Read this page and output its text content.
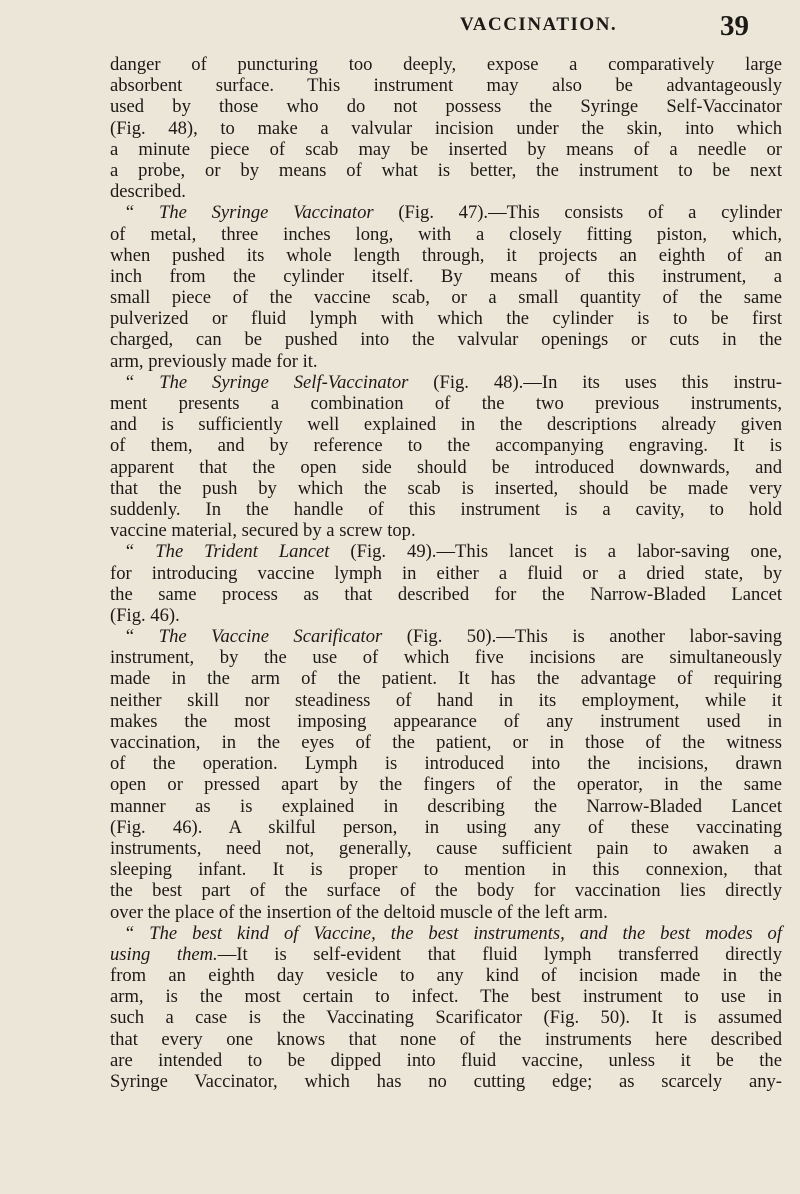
VACCINATION.	39
danger of puncturing too deeply, expose a comparatively large
absorbent surface. This instrument may also be advantageously
used by those who do not possess the Syringe Self-Vaccinator
(Fig. 48), to make a valvular incision under the skin, into which
a minute piece of scab may be inserted by means of a needle or
a probe, or by means of what is better, the instrument to be next
described.
“ The Syringe Vaccinator (Fig. 47).—This consists of a cylinder
of metal, three inches long, with a closely fitting piston, which,
when pushed its whole length through, it projects an eighth of an
inch from the cylinder itself. By means of this instrument, a
small piece of the vaccine scab, or a small quantity of the same
pulverized or fluid lymph with which the cylinder is to be first
charged, can be pushed into the valvular openings or cuts in the
arm, previously made for it.
“ The Syringe Self-Vaccinator (Fig. 48).—In its uses this instru-
ment presents a combination of the two previous instruments,
and is sufficiently well explained in the descriptions already given
of them, and by reference to the accompanying engraving. It is
apparent that the open side should be introduced downwards, and
that the push by which the scab is inserted, should be made very
suddenly. In the handle of this instrument is a cavity, to hold
vaccine material, secured by a screw top.
“ The Trident Lancet (Fig. 49).—This lancet is a labor-saving one,
for introducing vaccine lymph in either a fluid or a dried state, by
the same process as that described for the Narrow-Bladed Lancet
(Fig. 46).
“ The Vaccine Scarificator (Fig. 50).—This is another labor-saving
instrument, by the use of which five incisions are simultaneously
made in the arm of the patient. It has the advantage of requiring
neither skill nor steadiness of hand in its employment, while it
makes the most imposing appearance of any instrument used in
vaccination, in the eyes of the patient, or in those of the witness
of the operation. Lymph is introduced into the incisions, drawn
open or pressed apart by the fingers of the operator, in the same
manner as is explained in describing the Narrow-Bladed Lancet
(Fig. 46). A skilful person, in using any of these vaccinating
instruments, need not, generally, cause sufficient pain to awaken a
sleeping infant. It is proper to mention in this connexion, that
the best part of the surface of the body for vaccination lies directly
over the place of the insertion of the deltoid muscle of the left arm.
“ The best kind of Vaccine, the best instruments, and the best modes of
using them.—It is self-evident that fluid lymph transferred directly
from an eighth day vesicle to any kind of incision made in the
arm, is the most certain to infect. The best instrument to use in
such a case is the Vaccinating Scarificator (Fig. 50). It is assumed
that every one knows that none of the instruments here described
are intended to be dipped into fluid vaccine, unless it be the
Syringe Vaccinator, which has no cutting edge; as scarcely any-
